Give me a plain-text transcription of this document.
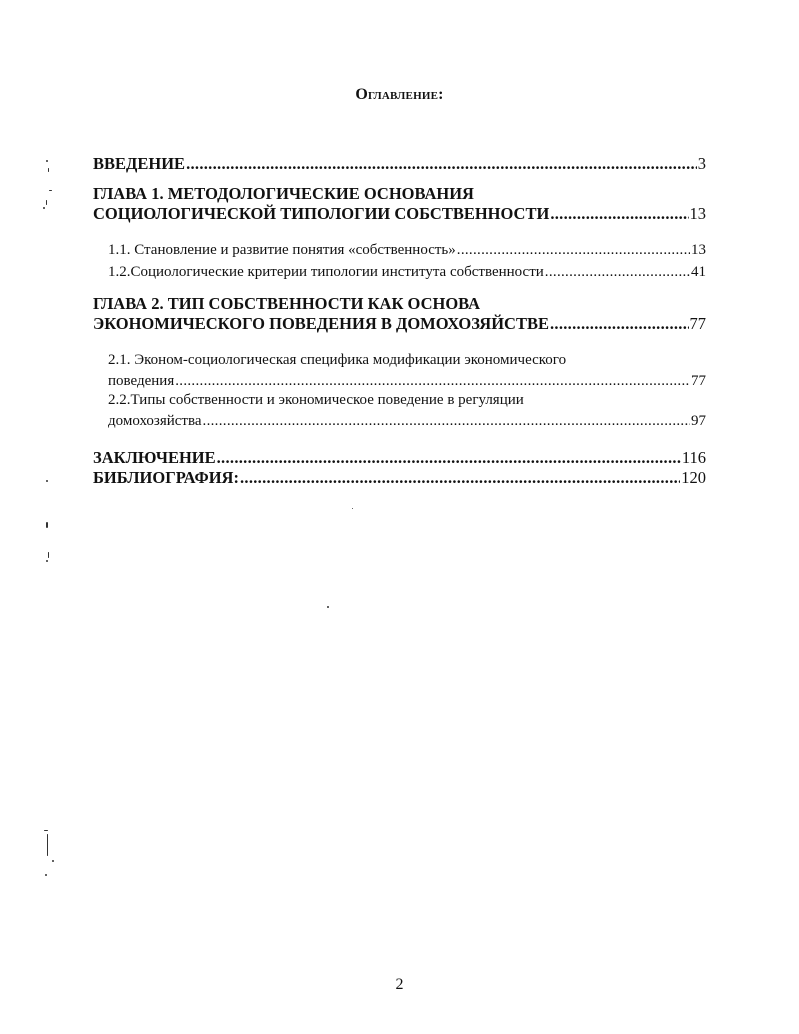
Оглавление:
ВВЕДЕНИЕ .....	3
ГЛАВА 1. МЕТОДОЛОГИЧЕСКИЕ ОСНОВАНИЯ
СОЦИОЛОГИЧЕСКОЙ ТИПОЛОГИИ СОБСТВЕННОСТИ .....	13
1.1. Становление и развитие понятия «собственность» .....	13
1.2.Социологические критерии типологии института собственности .....	41
ГЛАВА 2. ТИП СОБСТВЕННОСТИ КАК ОСНОВА
ЭКОНОМИЧЕСКОГО ПОВЕДЕНИЯ В ДОМОХОЗЯЙСТВЕ .....	77
2.1. Эконом-социологическая специфика модификации экономического
поведения .....	77
2.2.Типы собственности и экономическое поведение в регуляции
домохозяйства .....	97
ЗАКЛЮЧЕНИЕ .....	116
БИБЛИОГРАФИЯ: .....	120
2
